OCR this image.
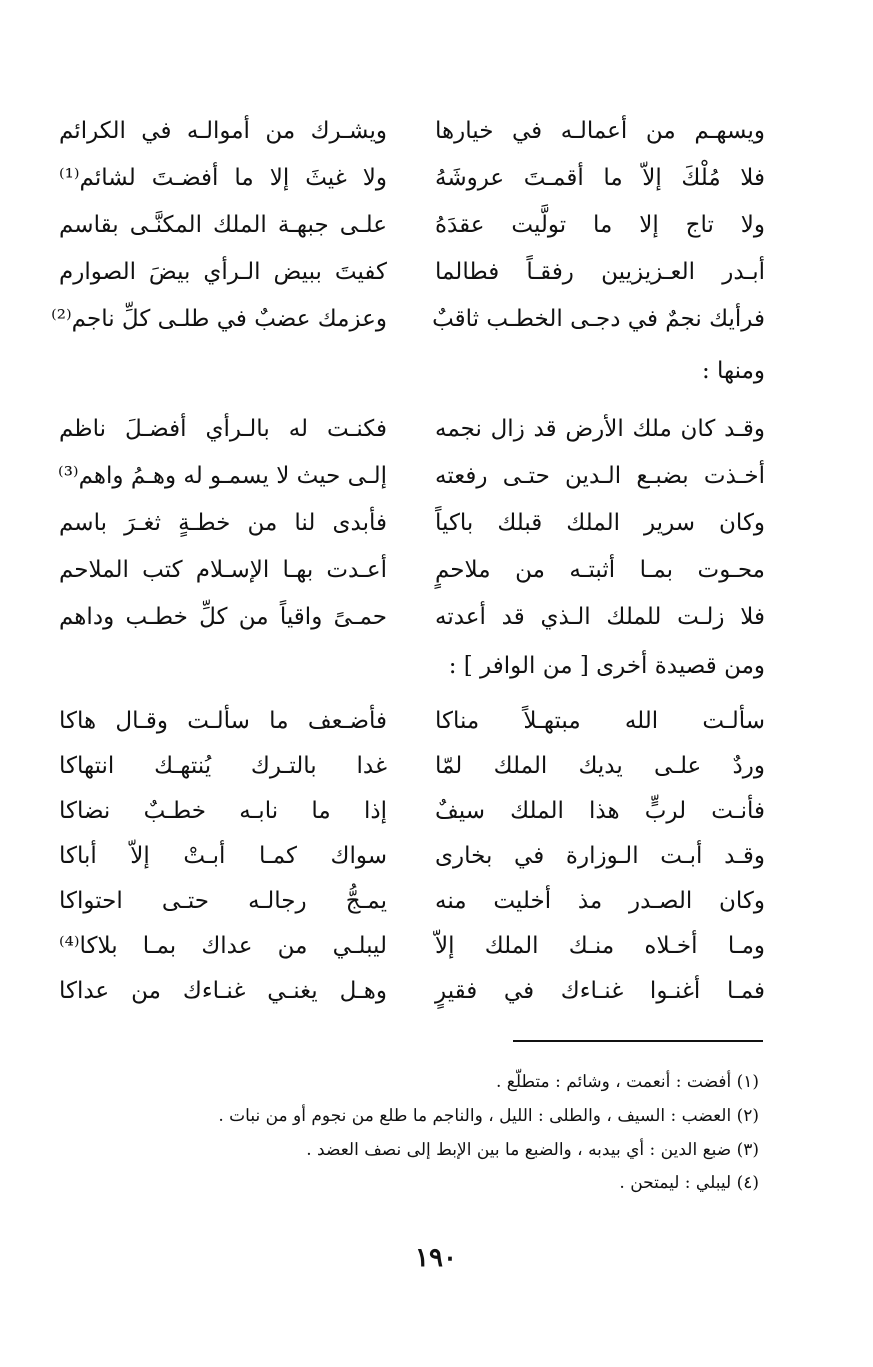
ويسهـم من أعمالـه في خيارها
ويشـرك من أموالـه في الكرائم
فلا مُلْكَ إلاّ ما أقمـتَ عروشَهُ
ولا غيثَ إلا ما أفضـتَ لشائم⁽¹⁾
ولا تاج إلا ما تولَّيت عقدَهُ
علـى جبهـة الملك المكنَّـى بقاسم
أبـدر العـزيزيين رفقـاً فطالما
كفيتَ ببيض الـرأي بيضَ الصوارم
فرأيك نجمٌ في دجـى الخطـب ثاقبٌ
وعزمك عضبٌ في طلـى كلِّ ناجم⁽²⁾
ومنها :
وقـد كان ملك الأرض قد زال نجمه
فكنـت له بالـرأي أفضـلَ ناظم
أخـذت بضبـع الـدين حتـى رفعته
إلـى حيث لا يسمـو له وهـمُ واهم⁽³⁾
وكان سرير الملك قبلك باكياً
فأبدى لنا من خطـةٍ ثغـرَ باسم
محـوت بمـا أثبتـه من ملاحمٍ
أعـدت بهـا الإسـلام كتب الملاحم
فلا زلـت للملك الـذي قد أعدته
حمـىً واقياً من كلِّ خطـب وداهم
ومن قصيدة أخرى [ من الوافر ] :
سألـت الله مبتهـلاً مناكا
فأضـعف ما سألـت وقـال هاكا
وردٌ علـى يديك الملك لمّا
غدا بالتـرك يُنتهـك انتهاكا
فأنـت لربٍّ هذا الملك سيفٌ
إذا ما نابـه خطـبٌ نضاكا
وقـد أبـت الـوزارة في بخارى
سواك كمـا أبـتْ إلاّ أباكا
وكان الصـدر مذ أخليت منه
يمـجُّ رجالـه حتـى احتواكا
ومـا أخـلاه منـك الملك إلاّ
ليبلـي من عداك بمـا بلاكا⁽⁴⁾
فمـا أغنـوا غنـاءك في فقيرٍ
وهـل يغنـي غنـاءك من عداكا
(١) أفضت : أنعمت ، وشائم : متطلّع .
(٢) العضب : السيف ، والطلى : الليل ، والناجم ما طلع من نجوم أو من نبات .
(٣) ضبع الدين : أي بيدبه ، والضبع ما بين الإبط إلى نصف العضد .
(٤) ليبلي : ليمتحن .
١٩٠
